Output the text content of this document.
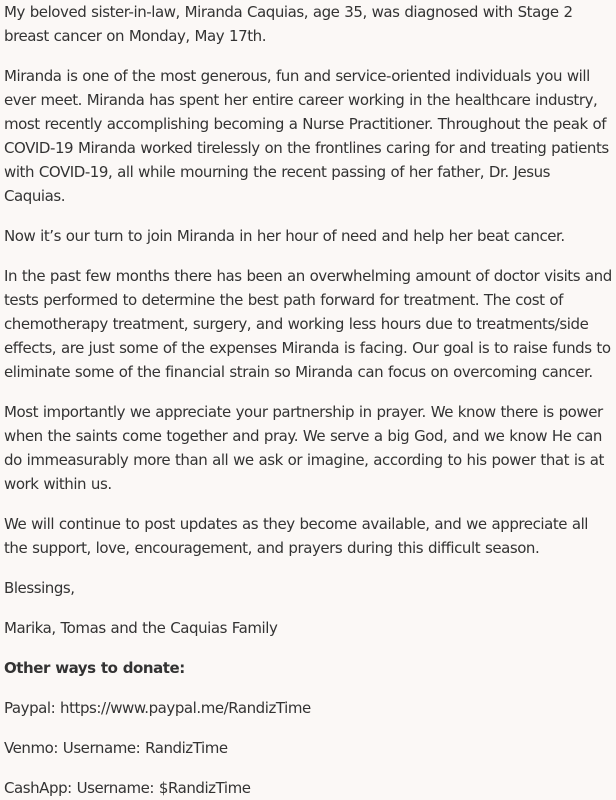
My beloved sister-in-law, Miranda Caquias, age 35, was diagnosed with Stage 2 breast cancer on Monday, May 17th.

Miranda is one of the most generous, fun and service-oriented individuals you will ever meet. Miranda has spent her entire career working in the healthcare industry, most recently accomplishing becoming a Nurse Practitioner. Throughout the peak of COVID-19 Miranda worked tirelessly on the frontlines caring for and treating patients with COVID-19, all while mourning the recent passing of her father, Dr. Jesus Caquias.

Now it’s our turn to join Miranda in her hour of need and help her beat cancer.

In the past few months there has been an overwhelming amount of doctor visits and tests performed to determine the best path forward for treatment. The cost of chemotherapy treatment, surgery, and working less hours due to treatments/side effects, are just some of the expenses Miranda is facing. Our goal is to raise funds to eliminate some of the financial strain so Miranda can focus on overcoming cancer.

Most importantly we appreciate your partnership in prayer. We know there is power when the saints come together and pray. We serve a big God, and we know He can do immeasurably more than all we ask or imagine, according to his power that is at work within us.

We will continue to post updates as they become available, and we appreciate all the support, love, encouragement, and prayers during this difficult season.

Blessings,

Marika, Tomas and the Caquias Family

Other ways to donate:

Paypal: https://www.paypal.me/RandizTime

Venmo: Username: RandizTime

CashApp: Username: $RandizTime
